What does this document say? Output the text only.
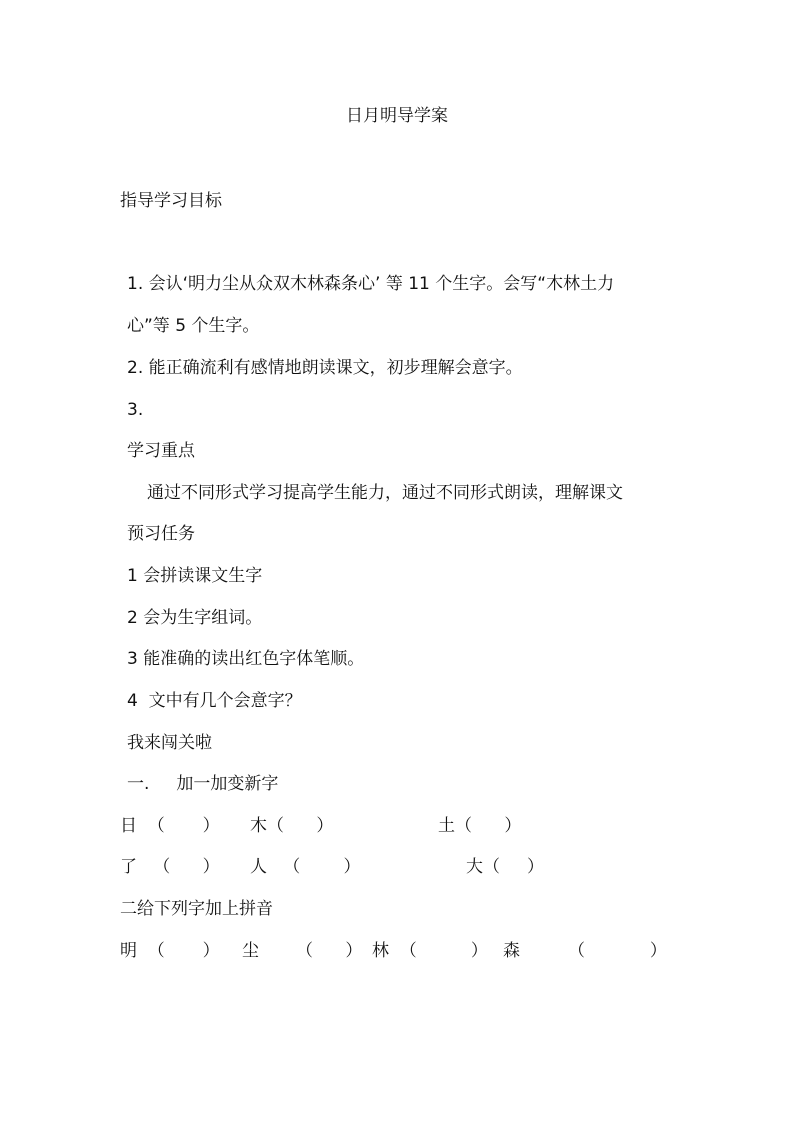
日月明导学案
指导学习目标
1. 会认‘明力尘从众双木林森条心’ 等 11 个生字。会写“木林土力
心”等 5 个生字。
2. 能正确流利有感情地朗读课文，初步理解会意字。
3.
学习重点
通过不同形式学习提高学生能力，通过不同形式朗读，理解课文
预习任务
1 会拼读课文生字
2 会为生字组词。
3 能准确的读出红色字体笔顺。
4  文中有几个会意字？
我来闯关啦
一.     加一加变新字
日  （       ） 木（      ）	土（      ）
了   （      ） 人   （        ）	大（     ）
二给下列字加上拼音
明  （       ） 尘 （      ） 林  （          ） 森	（            ）
